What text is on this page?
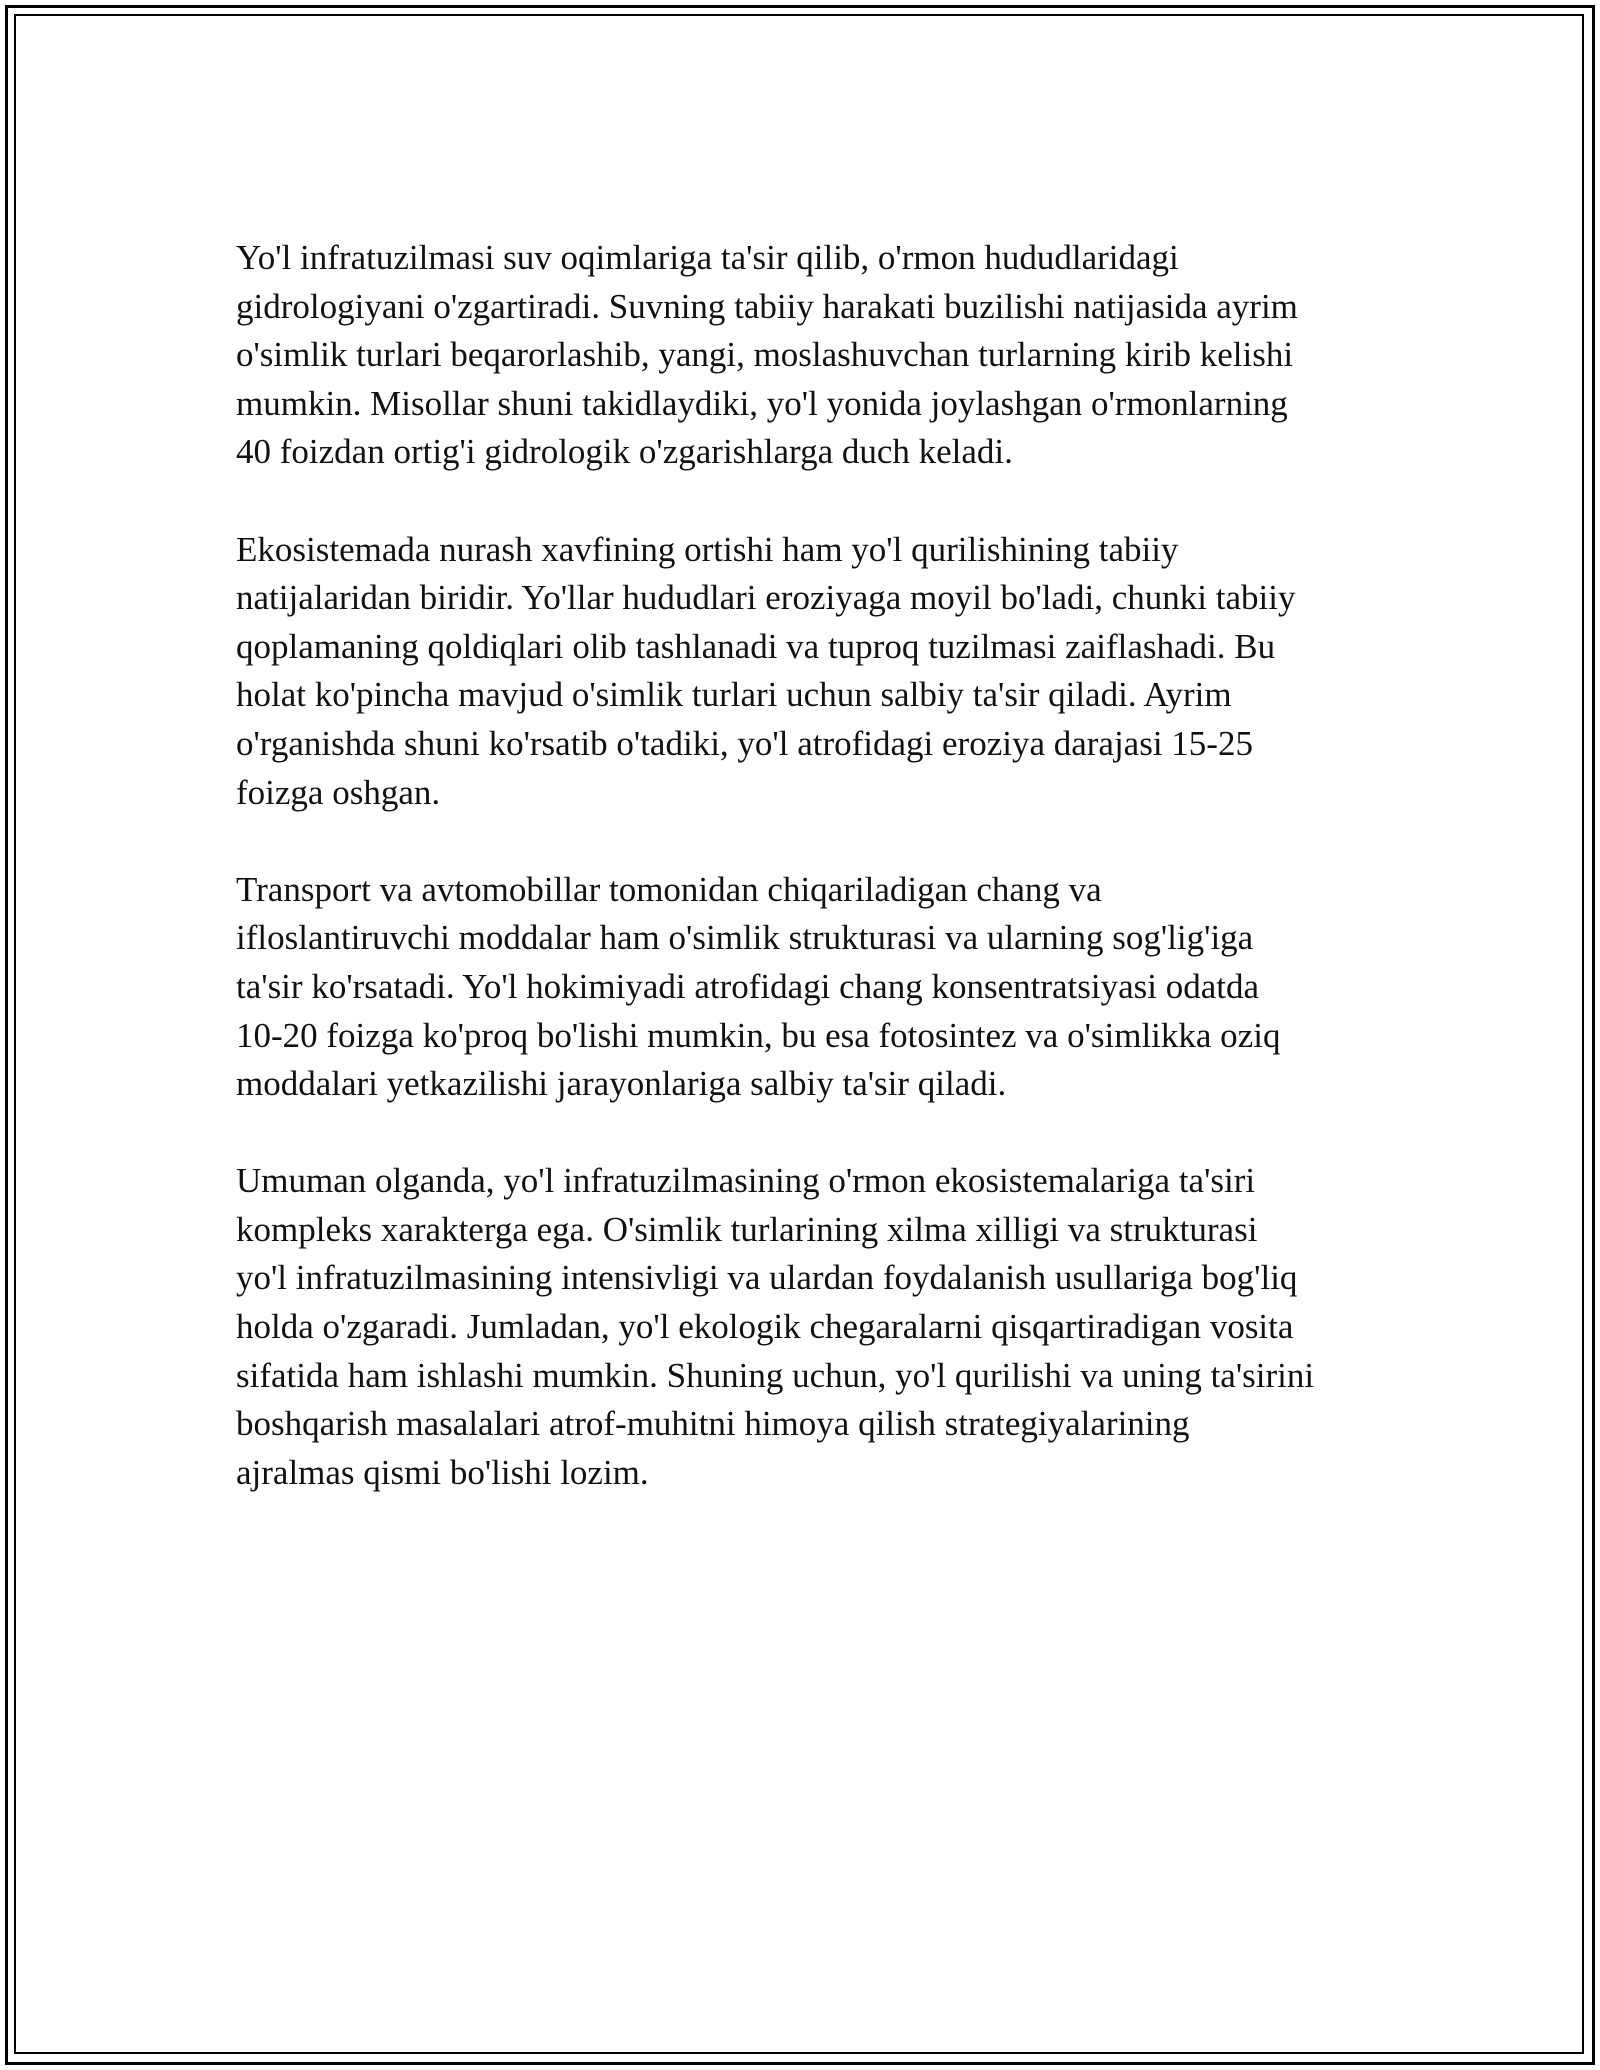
Yo'l infratuzilmasi suv oqimlariga ta'sir qilib, o'rmon hududlaridagi
gidrologiyani o'zgartiradi. Suvning tabiiy harakati buzilishi natijasida ayrim
o'simlik turlari beqarorlashib, yangi, moslashuvchan turlarning kirib kelishi
mumkin. Misollar shuni takidlaydiki, yo'l yonida joylashgan o'rmonlarning
40 foizdan ortig'i gidrologik o'zgarishlarga duch keladi.

Ekosistemada nurash xavfining ortishi ham yo'l qurilishining tabiiy
natijalaridan biridir. Yo'llar hududlari eroziyaga moyil bo'ladi, chunki tabiiy
qoplamaning qoldiqlari olib tashlanadi va tuproq tuzilmasi zaiflashadi. Bu
holat ko'pincha mavjud o'simlik turlari uchun salbiy ta'sir qiladi. Ayrim
o'rganishda shuni ko'rsatib o'tadiki, yo'l atrofidagi eroziya darajasi 15-25
foizga oshgan.

Transport va avtomobillar tomonidan chiqariladigan chang va
ifloslantiruvchi moddalar ham o'simlik strukturasi va ularning sog'lig'iga
ta'sir ko'rsatadi. Yo'l hokimiyadi atrofidagi chang konsentratsiyasi odatda
10-20 foizga ko'proq bo'lishi mumkin, bu esa fotosintez va o'simlikka oziq
moddalari yetkazilishi jarayonlariga salbiy ta'sir qiladi.

Umuman olganda, yo'l infratuzilmasining o'rmon ekosistemalariga ta'siri
kompleks xarakterga ega. O'simlik turlarining xilma xilligi va strukturasi
yo'l infratuzilmasining intensivligi va ulardan foydalanish usullariga bog'liq
holda o'zgaradi. Jumladan, yo'l ekologik chegaralarni qisqartiradigan vosita
sifatida ham ishlashi mumkin. Shuning uchun, yo'l qurilishi va uning ta'sirini
boshqarish masalalari atrof-muhitni himoya qilish strategiyalarining
ajralmas qismi bo'lishi lozim.
